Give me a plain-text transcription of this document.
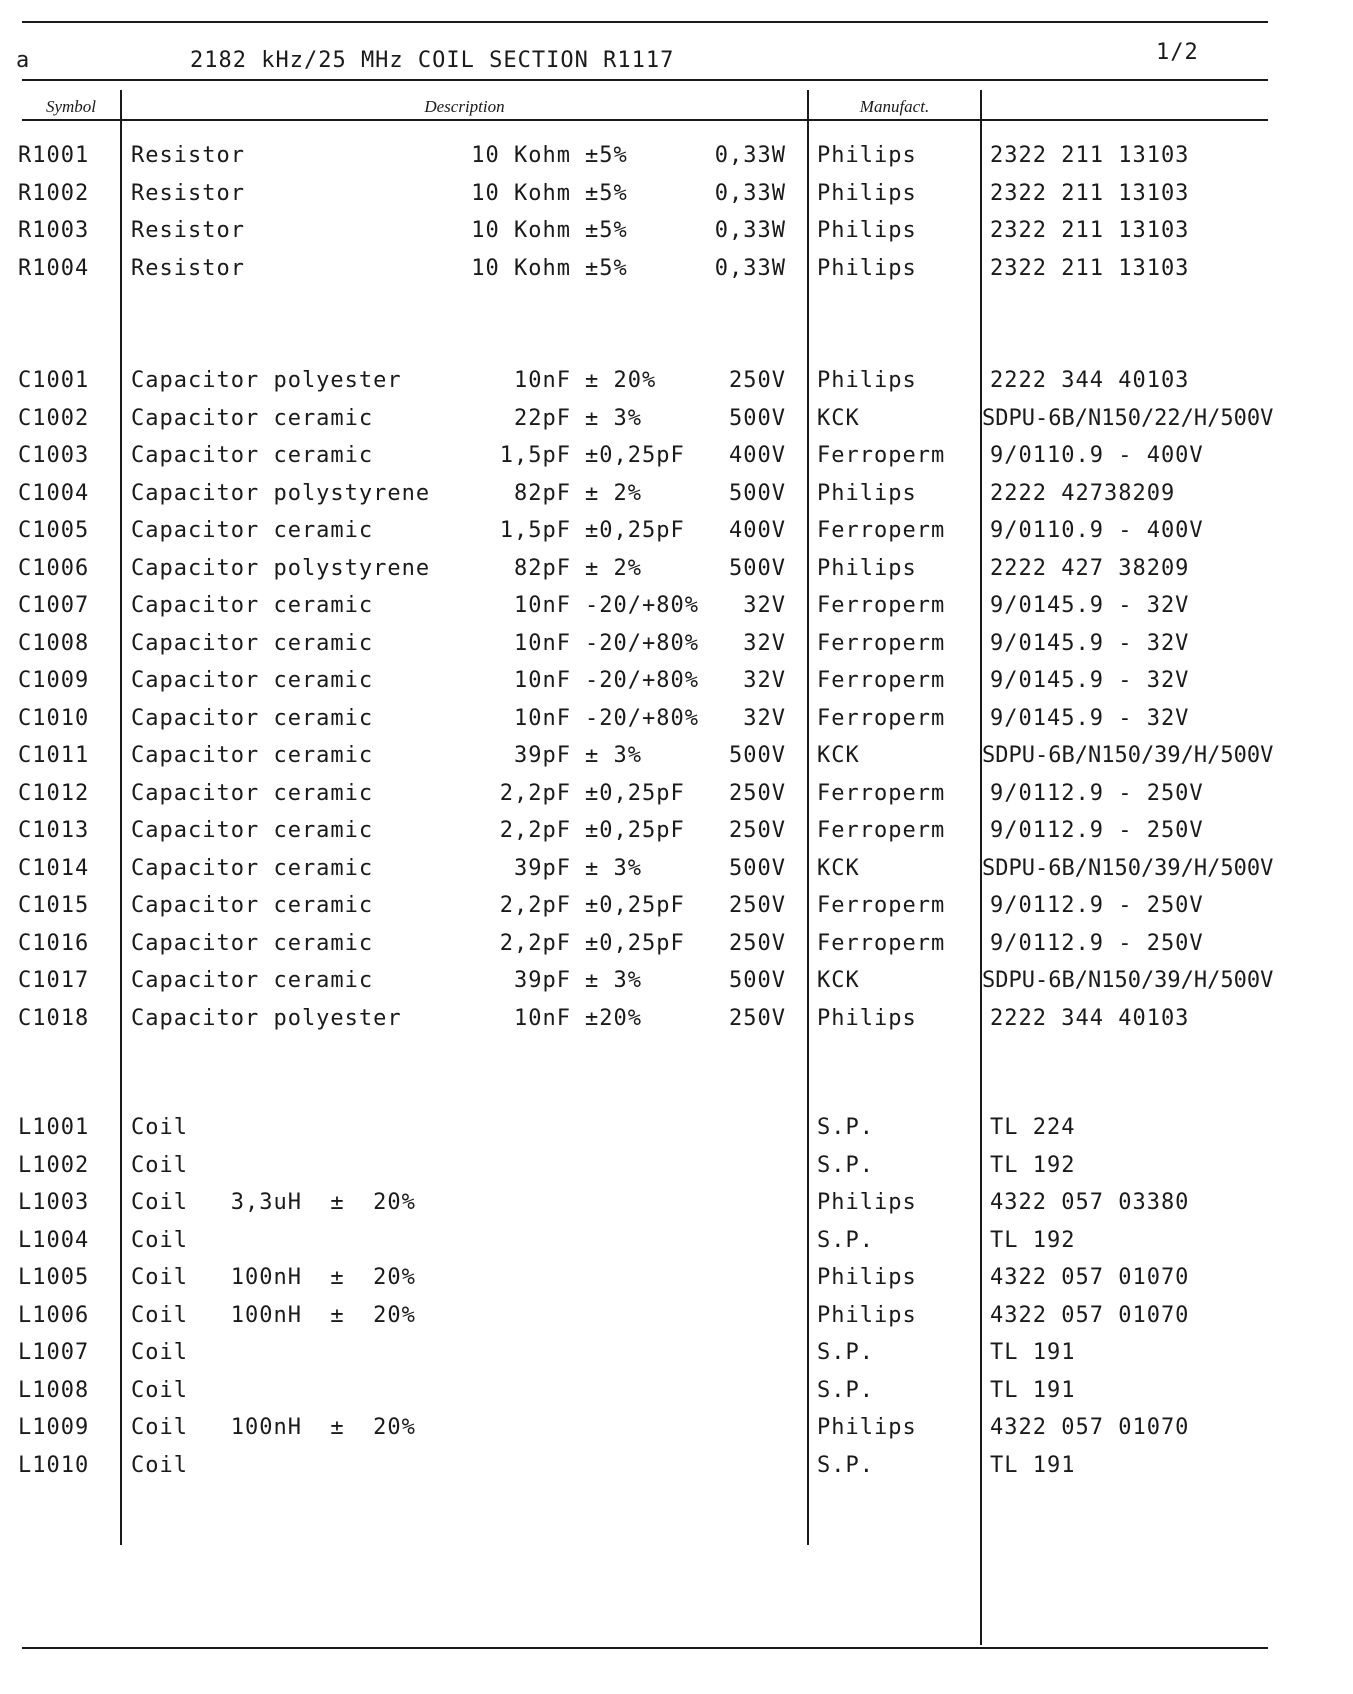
a	2182 kHz/25 MHz COIL SECTION R1117	1/2
Symbol	Description	Manufact.
R1001 Resistor	10 Kohm ±5%	0,33W Philips	2322 211 13103
R1002 Resistor	10 Kohm ±5%	0,33W Philips	2322 211 13103
R1003 Resistor	10 Kohm ±5%	0,33W Philips	2322 211 13103
R1004 Resistor	10 Kohm ±5%	0,33W Philips	2322 211 13103
C1001 Capacitor polyester	10nF ± 20%	250V Philips	2222 344 40103
C1002 Capacitor ceramic	22pF ± 3%	500V KCK	SDPU-6B/N150/22/H/500V
C1003 Capacitor ceramic	1,5pF ±0,25pF	400V Ferroperm 9/0110.9 - 400V
C1004 Capacitor polystyrene	82pF ± 2%	500V Philips	2222 42738209
C1005 Capacitor ceramic	1,5pF ±0,25pF	400V Ferroperm 9/0110.9 - 400V
C1006 Capacitor polystyrene	82pF ± 2%	500V Philips	2222 427 38209
C1007 Capacitor ceramic	10nF -20/+80%	32V Ferroperm 9/0145.9 - 32V
C1008 Capacitor ceramic	10nF -20/+80%	32V Ferroperm 9/0145.9 - 32V
C1009 Capacitor ceramic	10nF -20/+80%	32V Ferroperm 9/0145.9 - 32V
C1010 Capacitor ceramic	10nF -20/+80%	32V Ferroperm 9/0145.9 - 32V
C1011 Capacitor ceramic	39pF ± 3%	500V KCK	SDPU-6B/N150/39/H/500V
C1012 Capacitor ceramic	2,2pF ±0,25pF	250V Ferroperm 9/0112.9 - 250V
C1013 Capacitor ceramic	2,2pF ±0,25pF	250V Ferroperm 9/0112.9 - 250V
C1014 Capacitor ceramic	39pF ± 3%	500V KCK	SDPU-6B/N150/39/H/500V
C1015 Capacitor ceramic	2,2pF ±0,25pF	250V Ferroperm 9/0112.9 - 250V
C1016 Capacitor ceramic	2,2pF ±0,25pF	250V Ferroperm 9/0112.9 - 250V
C1017 Capacitor ceramic	39pF ± 3%	500V KCK	SDPU-6B/N150/39/H/500V
C1018 Capacitor polyester	10nF ±20%	250V Philips	2222 344 40103
L1001 Coil	S.P.	TL 224
L1002 Coil	S.P.	TL 192
L1003 Coil   3,3uH  ±  20%	Philips	4322 057 03380
L1004 Coil	S.P.	TL 192
L1005 Coil   100nH  ±  20%	Philips	4322 057 01070
L1006 Coil   100nH  ±  20%	Philips	4322 057 01070
L1007 Coil	S.P.	TL 191
L1008 Coil	S.P.	TL 191
L1009 Coil   100nH  ±  20%	Philips	4322 057 01070
L1010 Coil	S.P.	TL 191
